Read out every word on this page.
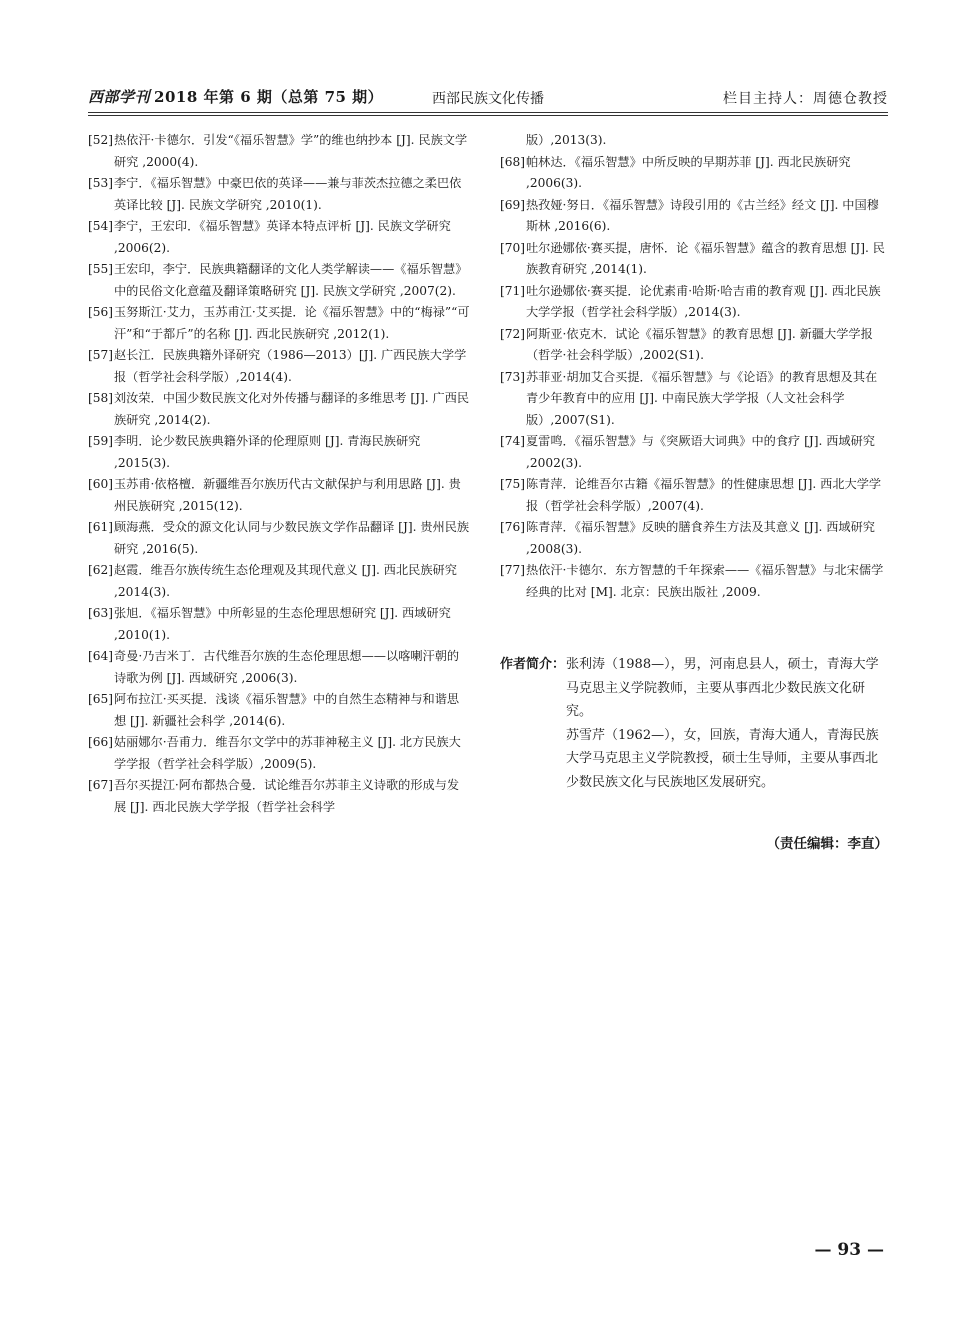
西部学刊 2018 年第 6 期（总第 75 期）	西部民族文化传播	栏目主持人：周德仓教授

[52]热依汗·卡德尔．引发“《福乐智慧》学”的维也纳抄本 [J]. 民族文学研究 ,2000(4).

[53]李宁．《福乐智慧》中豪巴依的英译——兼与菲茨杰拉德之柔巴依英译比较 [J]. 民族文学研究 ,2010(1).

[54]李宁，王宏印．《福乐智慧》英译本特点评析 [J]. 民族文学研究 ,2006(2).

[55]王宏印，李宁．民族典籍翻译的文化人类学解读——《福乐智慧》中的民俗文化意蕴及翻译策略研究 [J]. 民族文学研究 ,2007(2).

[56]玉努斯江·艾力，玉苏甫江·艾买提．论《福乐智慧》中的“梅禄”“可汗”和“于都斤”的名称 [J]. 西北民族研究 ,2012(1).

[57]赵长江．民族典籍外译研究（1986—2013）[J]. 广西民族大学学报（哲学社会科学版）,2014(4).

[58]刘汝荣．中国少数民族文化对外传播与翻译的多维思考 [J]. 广西民族研究 ,2014(2).

[59]李明．论少数民族典籍外译的伦理原则 [J]. 青海民族研究 ,2015(3).

[60]玉苏甫·依格檀．新疆维吾尔族历代古文献保护与利用思路 [J]. 贵州民族研究 ,2015(12).

[61]顾海燕．受众的源文化认同与少数民族文学作品翻译 [J]. 贵州民族研究 ,2016(5).

[62]赵霞．维吾尔族传统生态伦理观及其现代意义 [J]. 西北民族研究 ,2014(3).

[63]张旭．《福乐智慧》中所彰显的生态伦理思想研究 [J]. 西域研究 ,2010(1).

[64]奇曼·乃吉米丁．古代维吾尔族的生态伦理思想——以喀喇汗朝的诗歌为例 [J]. 西域研究 ,2006(3).

[65]阿布拉江·买买提．浅谈《福乐智慧》中的自然生态精神与和谐思想 [J]. 新疆社会科学 ,2014(6).

[66]姑丽娜尔·吾甫力．维吾尔文学中的苏菲神秘主义 [J]. 北方民族大学学报（哲学社会科学版）,2009(5).

[67]吾尔买提江·阿布都热合曼．试论维吾尔苏菲主义诗歌的形成与发展 [J]. 西北民族大学学报（哲学社会科学

版）,2013(3).

[68]帕林达．《福乐智慧》中所反映的早期苏菲 [J]. 西北民族研究 ,2006(3).

[69]热孜娅·努日．《福乐智慧》诗段引用的《古兰经》经文 [J]. 中国穆斯林 ,2016(6).

[70]吐尔逊娜依·赛买提，唐怀．论《福乐智慧》蕴含的教育思想 [J]. 民族教育研究 ,2014(1).

[71]吐尔逊娜依·赛买提．论优素甫·哈斯·哈吉甫的教育观 [J]. 西北民族大学学报（哲学社会科学版）,2014(3).

[72]阿斯亚·依克木．试论《福乐智慧》的教育思想 [J]. 新疆大学学报（哲学·社会科学版）,2002(S1).

[73]苏菲亚·胡加艾合买提．《福乐智慧》与《论语》的教育思想及其在青少年教育中的应用 [J]. 中南民族大学学报（人文社会科学版）,2007(S1).

[74]夏雷鸣．《福乐智慧》与《突厥语大词典》中的食疗 [J]. 西域研究 ,2002(3).

[75]陈青萍．论维吾尔古籍《福乐智慧》的性健康思想 [J]. 西北大学学报（哲学社会科学版）,2007(4).

[76]陈青萍．《福乐智慧》反映的膳食养生方法及其意义 [J]. 西域研究 ,2008(3).

[77]热依汗·卡德尔．东方智慧的千年探索——《福乐智慧》与北宋儒学经典的比对 [M]. 北京：民族出版社 ,2009.

作者简介： 张利涛（1988—），男，河南息县人，硕士，青海大学马克思主义学院教师，主要从事西北少数民族文化研究。

苏雪芹（1962—），女，回族，青海大通人，青海民族大学马克思主义学院教授，硕士生导师，主要从事西北少数民族文化与民族地区发展研究。

（责任编辑：李直）
— 93 —
